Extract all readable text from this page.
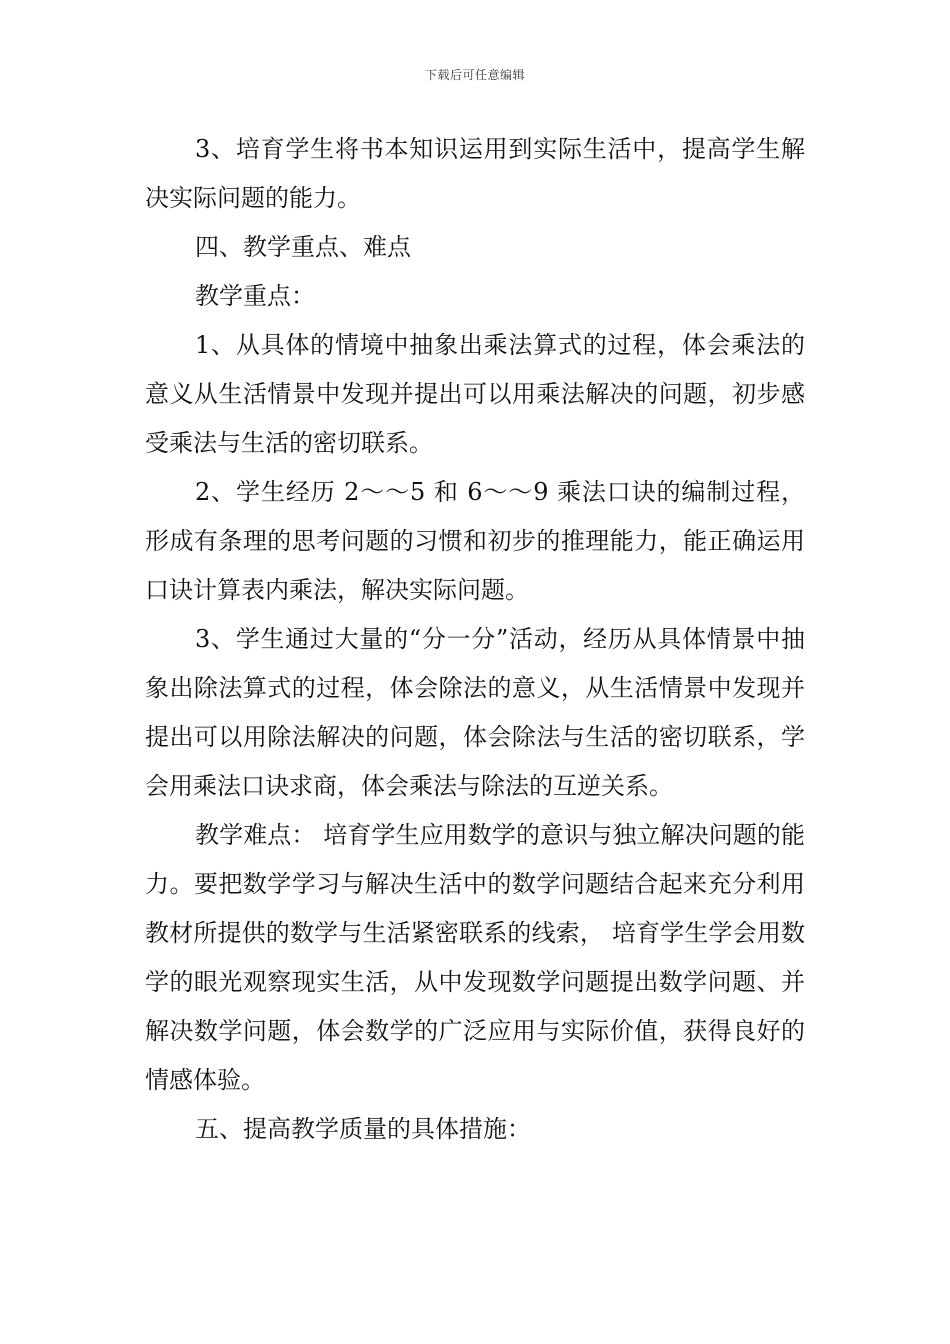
下载后可任意编辑

3、培育学生将书本知识运用到实际生活中，提高学生解决实际问题的能力。

四、教学重点、难点

教学重点：

1、从具体的情境中抽象出乘法算式的过程，体会乘法的意义从生活情景中发现并提出可以用乘法解决的问题，初步感受乘法与生活的密切联系。

2、学生经历 2～～5 和 6～～9 乘法口诀的编制过程，形成有条理的思考问题的习惯和初步的推理能力，能正确运用口诀计算表内乘法，解决实际问题。

3、学生通过大量的“分一分”活动，经历从具体情景中抽象出除法算式的过程，体会除法的意义，从生活情景中发现并提出可以用除法解决的问题，体会除法与生活的密切联系，学会用乘法口诀求商，体会乘法与除法的互逆关系。

教学难点： 培育学生应用数学的意识与独立解决问题的能力。要把数学学习与解决生活中的数学问题结合起来充分利用教材所提供的数学与生活紧密联系的线索， 培育学生学会用数学的眼光观察现实生活，从中发现数学问题提出数学问题、并解决数学问题，体会数学的广泛应用与实际价值，获得良好的情感体验。

五、提高教学质量的具体措施：
